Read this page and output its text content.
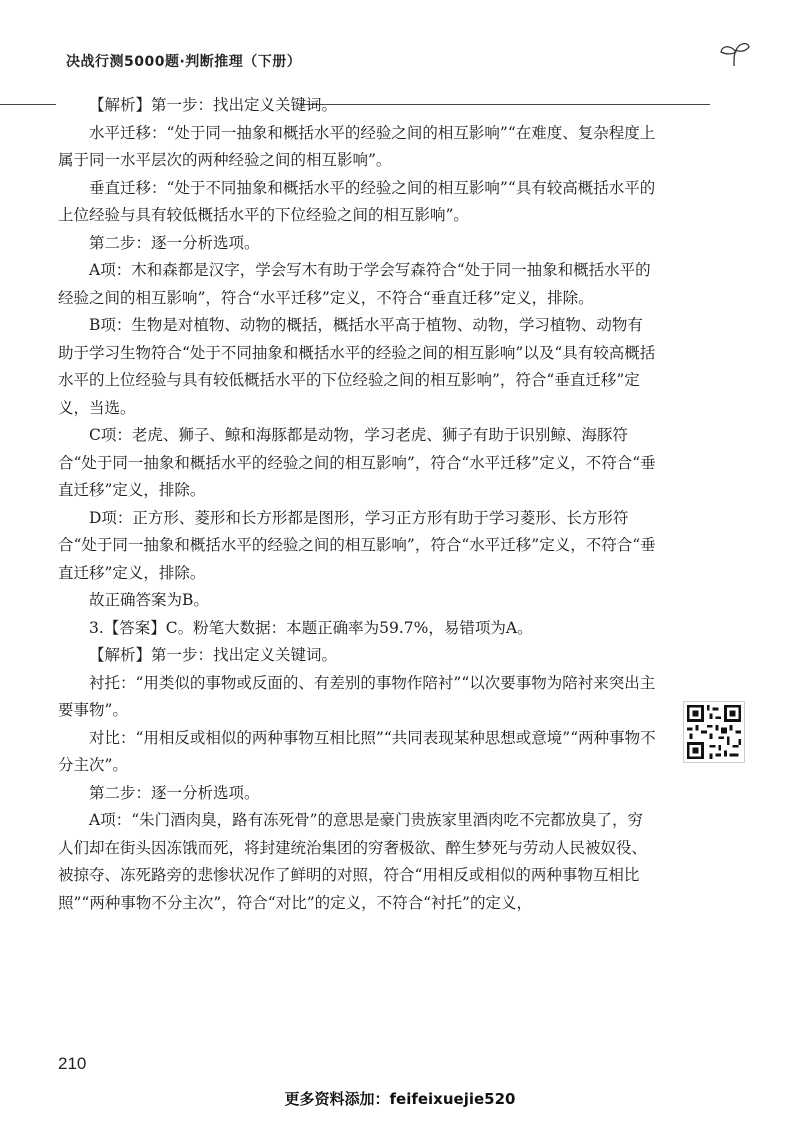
决战行测5000题·判断推理（下册）

【解析】第一步：找出定义关键词。

水平迁移：“处于同一抽象和概括水平的经验之间的相互影响”“在难度、复杂程度上属于同一水平层次的两种经验之间的相互影响”。

垂直迁移：“处于不同抽象和概括水平的经验之间的相互影响”“具有较高概括水平的上位经验与具有较低概括水平的下位经验之间的相互影响”。

第二步：逐一分析选项。

A项：木和森都是汉字，学会写木有助于学会写森符合“处于同一抽象和概括水平的经验之间的相互影响”，符合“水平迁移”定义，不符合“垂直迁移”定义，排除。

B项：生物是对植物、动物的概括，概括水平高于植物、动物，学习植物、动物有助于学习生物符合“处于不同抽象和概括水平的经验之间的相互影响”以及“具有较高概括水平的上位经验与具有较低概括水平的下位经验之间的相互影响”，符合“垂直迁移”定义，当选。

C项：老虎、狮子、鲸和海豚都是动物，学习老虎、狮子有助于识别鲸、海豚符合“处于同一抽象和概括水平的经验之间的相互影响”，符合“水平迁移”定义，不符合“垂直迁移”定义，排除。

D项：正方形、菱形和长方形都是图形，学习正方形有助于学习菱形、长方形符合“处于同一抽象和概括水平的经验之间的相互影响”，符合“水平迁移”定义，不符合“垂直迁移”定义，排除。

故正确答案为B。

3.【答案】C。粉笔大数据：本题正确率为59.7%，易错项为A。

【解析】第一步：找出定义关键词。

衬托：“用类似的事物或反面的、有差别的事物作陪衬”“以次要事物为陪衬来突出主要事物”。

对比：“用相反或相似的两种事物互相比照”“共同表现某种思想或意境”“两种事物不分主次”。

第二步：逐一分析选项。

A项：“朱门酒肉臭，路有冻死骨”的意思是豪门贵族家里酒肉吃不完都放臭了，穷人们却在街头因冻饿而死，将封建统治集团的穷奢极欲、醉生梦死与劳动人民被奴役、被掠夺、冻死路旁的悲惨状况作了鲜明的对照，符合“用相反或相似的两种事物互相比照”“两种事物不分主次”，符合“对比”的定义，不符合“衬托”的定义，

210
更多资料添加：feifeixuejie520
